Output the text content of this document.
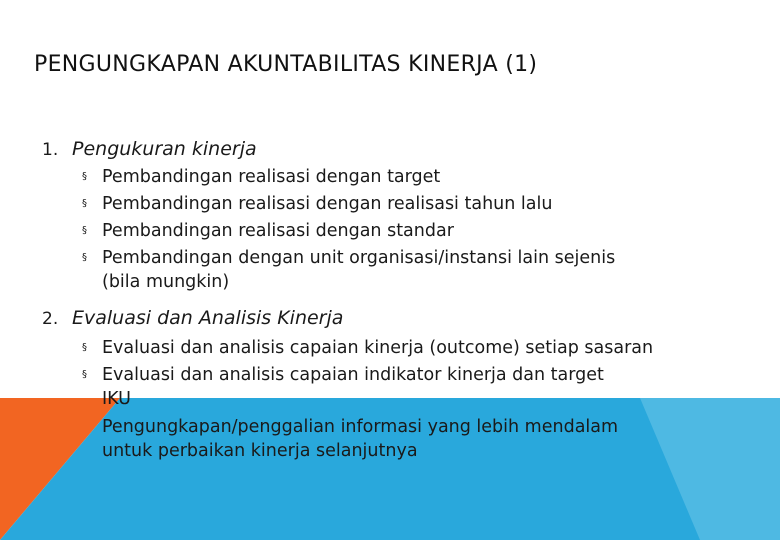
PENGUNGKAPAN AKUNTABILITAS KINERJA (1)
1. Pengukuran kinerja
§ Pembandingan realisasi dengan target
§ Pembandingan realisasi dengan realisasi tahun lalu
§ Pembandingan realisasi dengan standar
§ Pembandingan dengan unit organisasi/instansi lain sejenis
(bila mungkin)
2. Evaluasi dan Analisis Kinerja
§ Evaluasi dan analisis capaian kinerja (outcome) setiap sasaran
§ Evaluasi dan analisis capaian indikator kinerja dan target
IKU
Pengungkapan/penggalian informasi yang lebih mendalam
untuk perbaikan kinerja selanjutnya
